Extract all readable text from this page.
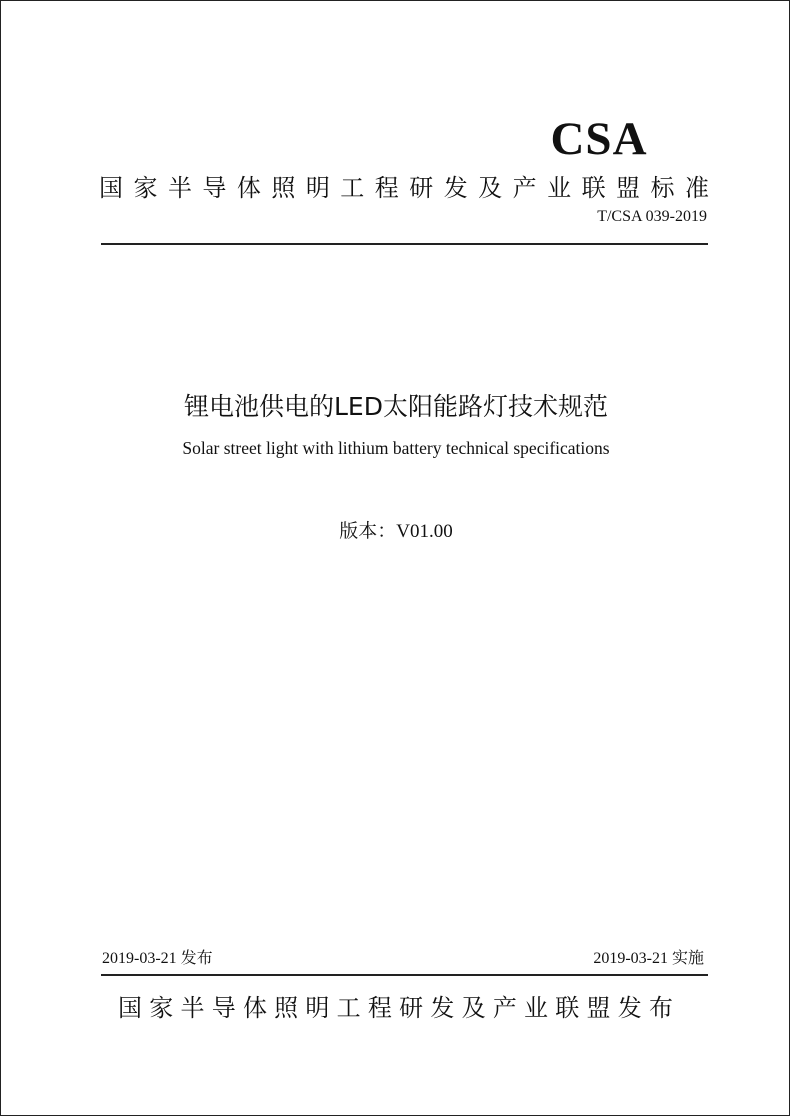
CSA
国家半导体照明工程研发及产业联盟标准
T/CSA 039-2019
锂电池供电的LED太阳能路灯技术规范
Solar street light with lithium battery technical specifications
版本：V01.00
2019-03-21 发布	2019-03-21 实施
国家半导体照明工程研发及产业联盟发布
